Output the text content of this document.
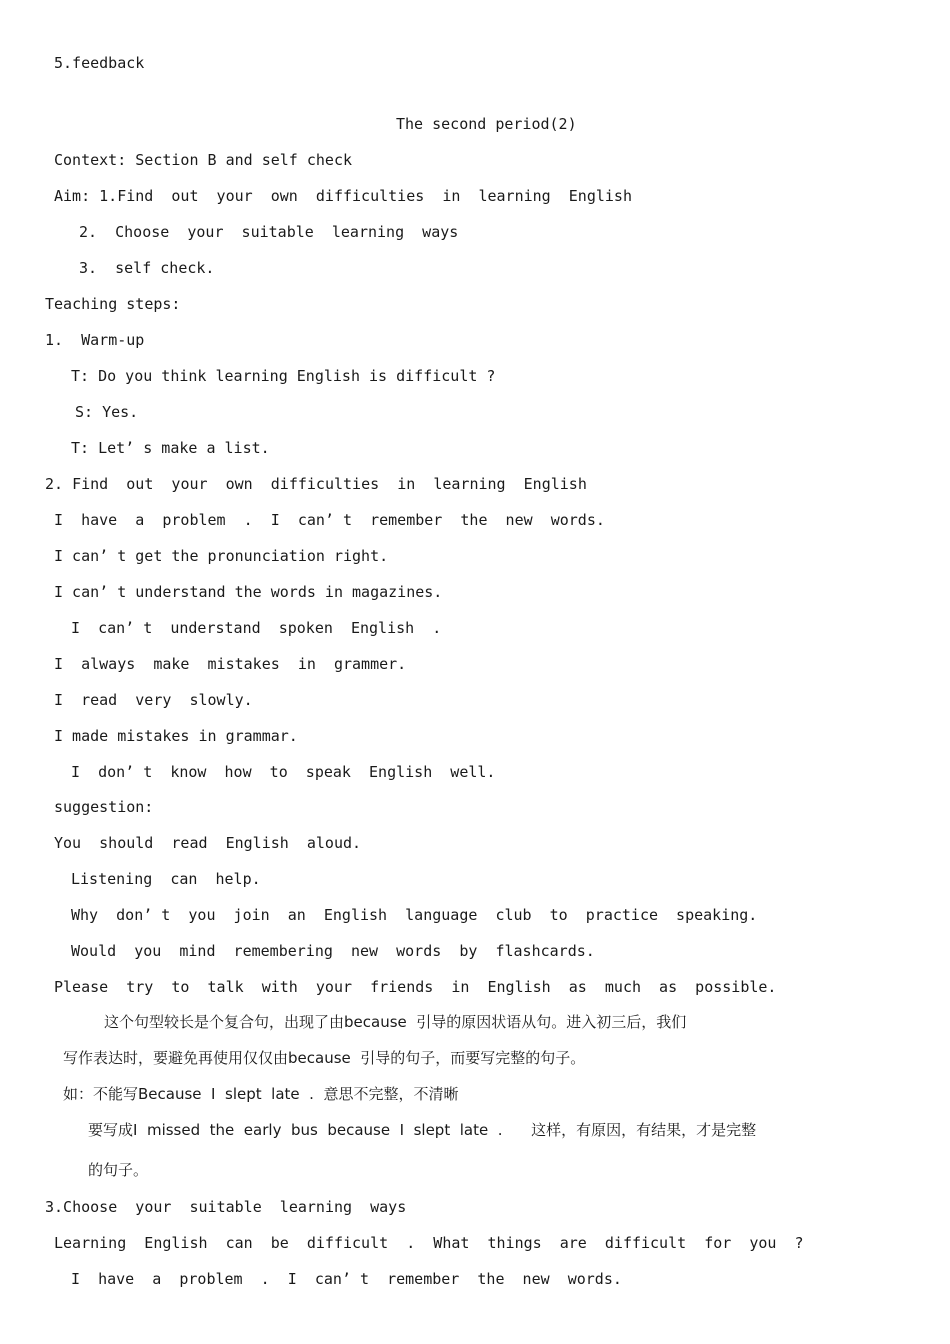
5.feedback
The second period(2)
Context: Section B and self check
Aim: 1.Find  out  your  own  difficulties  in  learning  English
2.  Choose  your  suitable  learning  ways
3.  self check.
Teaching steps:
1.  Warm-up
T: Do you think learning English is difficult ?
S: Yes.
T: Let’ s make a list.
2. Find  out  your  own  difficulties  in  learning  English
I  have  a  problem  .  I  can’ t  remember  the  new  words.
I can’ t get the pronunciation right.
I can’ t understand the words in magazines.
I  can’ t  understand  spoken  English  .
I  always  make  mistakes  in  grammer.
I  read  very  slowly.
I made mistakes in grammar.
I  don’ t  know  how  to  speak  English  well.
suggestion:
You  should  read  English  aloud.
Listening  can  help.
Why  don’ t  you  join  an  English  language  club  to  practice  speaking.
Would  you  mind  remembering  new  words  by  flashcards.
Please  try  to  talk  with  your  friends  in  English  as  much  as  possible.
这个句型较长是个复合句，出现了由because  引导的原因状语从句。进入初三后，我们
写作表达时，要避免再使用仅仅由because  引导的句子，而要写完整的句子。
如：不能写Because  I  slept  late  .  意思不完整，不清晰
要写成I  missed  the  early  bus  because  I  slept  late  .      这样，有原因，有结果，才是完整
的句子。
3.Choose  your  suitable  learning  ways
Learning  English  can  be  difficult  .  What  things  are  difficult  for  you  ?
I  have  a  problem  .  I  can’ t  remember  the  new  words.
